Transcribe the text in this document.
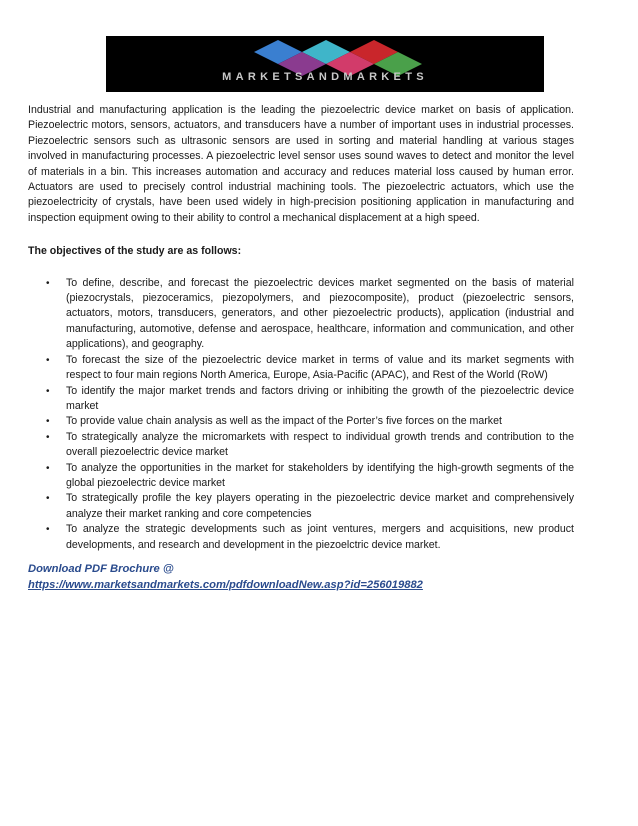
MARKETSANDMARKETS

Industrial and manufacturing application is the leading the piezoelectric device market on basis of application. Piezoelectric motors, sensors, actuators, and transducers have a number of important uses in industrial processes. Piezoelectric sensors such as ultrasonic sensors are used in sorting and material handling at various stages involved in manufacturing processes. A piezoelectric level sensor uses sound waves to detect and monitor the level of materials in a bin. This increases automation and accuracy and reduces material loss caused by human error. Actuators are used to precisely control industrial machining tools. The piezoelectric actuators, which use the piezoelectricity of crystals, have been used widely in high-precision positioning application in manufacturing and inspection equipment owing to their ability to control a mechanical displacement at a high speed.

The objectives of the study are as follows:

• To define, describe, and forecast the piezoelectric devices market segmented on the basis of material (piezocrystals, piezoceramics, piezopolymers, and piezocomposite), product (piezoelectric sensors, actuators, motors, transducers, generators, and other piezoelectric products), application (industrial and manufacturing, automotive, defense and aerospace, healthcare, information and communication, and other applications), and geography.
• To forecast the size of the piezoelectric device market in terms of value and its market segments with respect to four main regions North America, Europe, Asia-Pacific (APAC), and Rest of the World (RoW)
• To identify the major market trends and factors driving or inhibiting the growth of the piezoelectric device market
• To provide value chain analysis as well as the impact of the Porter’s five forces on the market
• To strategically analyze the micromarkets with respect to individual growth trends and contribution to the overall piezoelectric device market
• To analyze the opportunities in the market for stakeholders by identifying the high-growth segments of the global piezoelectric device market
• To strategically profile the key players operating in the piezoelectric device market and comprehensively analyze their market ranking and core competencies
• To analyze the strategic developments such as joint ventures, mergers and acquisitions, new product developments, and research and development in the piezoelctric device market.
Download PDF Brochure @
https://www.marketsandmarkets.com/pdfdownloadNew.asp?id=256019882
